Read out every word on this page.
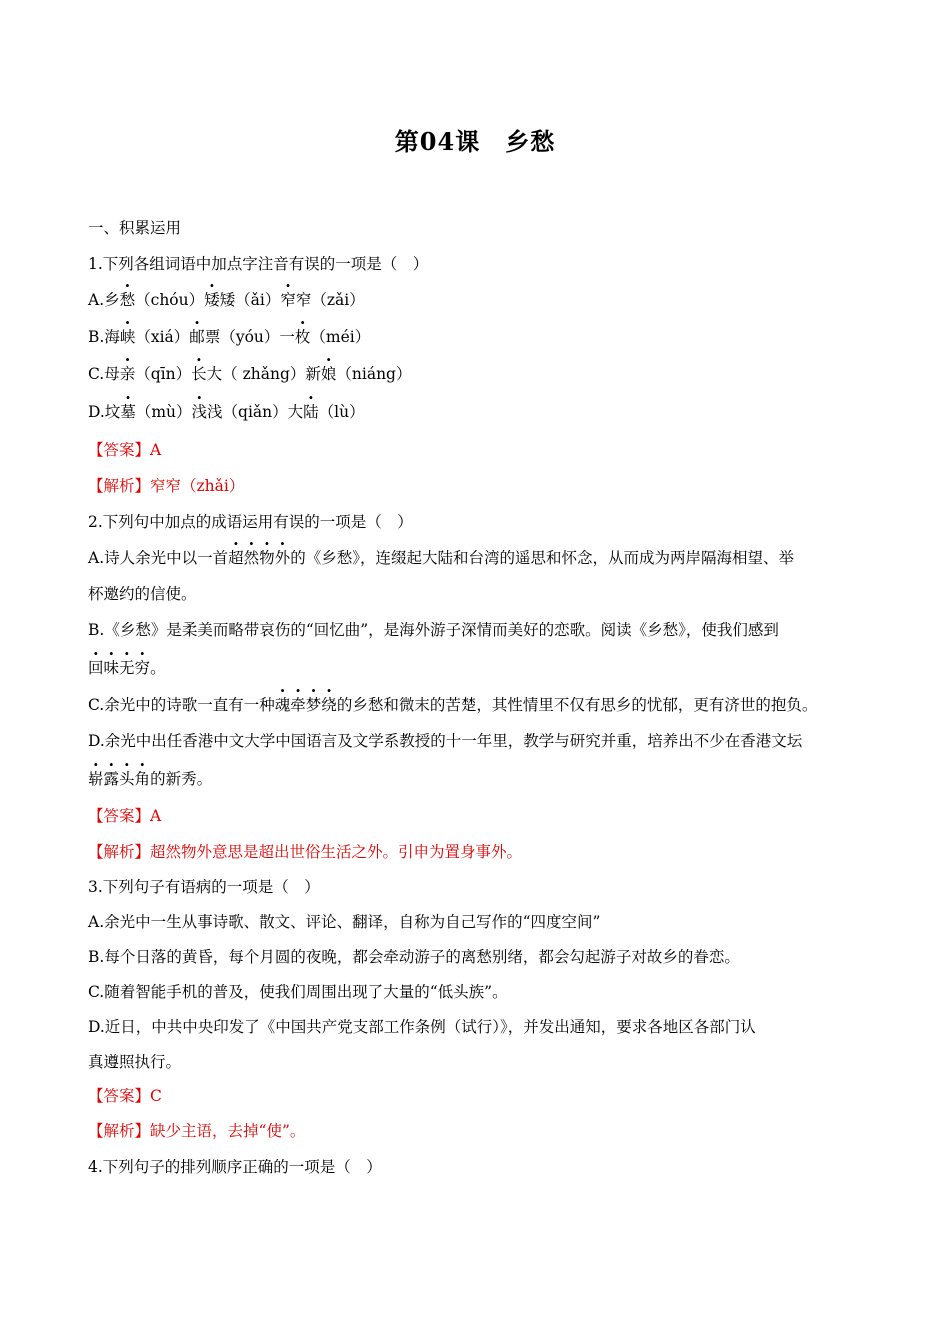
第04课　乡愁
一、积累运用
1.下列各组词语中加点字注音有误的一项是（　）
A.乡愁（chóu）矮矮（ǎi）窄窄（zǎi）
B.海峡（xiá）邮票（yóu）一枚（méi）
C.母亲（qīn）长大（ zhǎng）新娘（niáng）
D.坟墓（mù）浅浅（qiǎn）大陆（lù）
【答案】A
【解析】窄窄（zhǎi）
2.下列句中加点的成语运用有误的一项是（　）
A.诗人余光中以一首超然物外的《乡愁》，连缀起大陆和台湾的遥思和怀念，从而成为两岸隔海相望、举
杯邀约的信使。
B.《乡愁》是柔美而略带哀伤的“回忆曲”，是海外游子深情而美好的恋歌。阅读《乡愁》，使我们感到
回味无穷。
C.余光中的诗歌一直有一种魂牵梦绕的乡愁和微末的苦楚，其性情里不仅有思乡的忧郁，更有济世的抱负。
D.余光中出任香港中文大学中国语言及文学系教授的十一年里，教学与研究并重，培养出不少在香港文坛
崭露头角的新秀。
【答案】A
【解析】超然物外意思是超出世俗生活之外。引申为置身事外。
3.下列句子有语病的一项是（　）
A.余光中一生从事诗歌、散文、评论、翻译，自称为自己写作的“四度空间”
B.每个日落的黄昏，每个月圆的夜晚，都会牵动游子的离愁别绪，都会勾起游子对故乡的眷恋。
C.随着智能手机的普及，使我们周围出现了大量的“低头族”。
D.近日，中共中央印发了《中国共产党支部工作条例（试行）》，并发出通知，要求各地区各部门认
真遵照执行。
【答案】C
【解析】缺少主语，去掉“使”。
4.下列句子的排列顺序正确的一项是（　）
